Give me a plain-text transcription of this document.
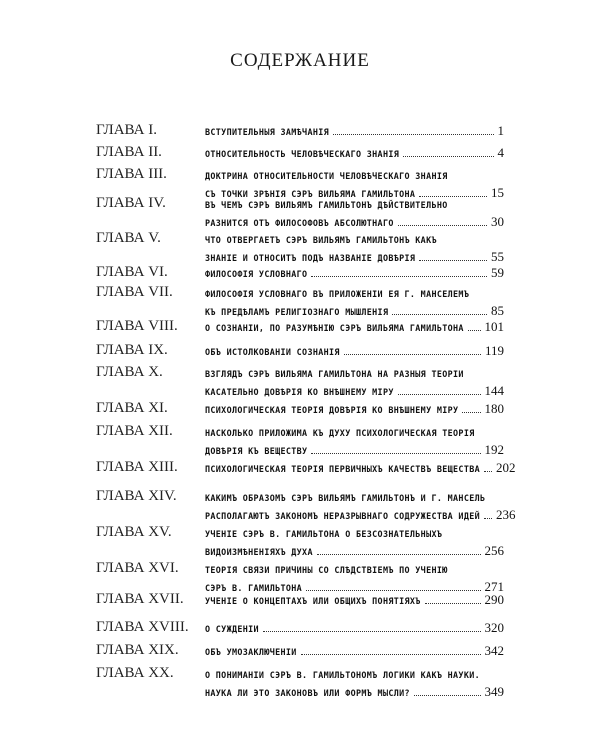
СОДЕРЖАНИЕ
ГЛАВА I.	ВСТУПИТЕЛЬНЫЯ ЗАМѢЧАНІЯ	1
ГЛАВА II.	ОТНОСИТЕЛЬНОСТЬ ЧЕЛОВѢЧЕСКАГО ЗНАНІЯ	4
ГЛАВА III.	ДОКТРИНА ОТНОСИТЕЛЬНОСТИ ЧЕЛОВѢЧЕСКАГО ЗНАНІЯ
СЪ ТОЧКИ ЗРѢНІЯ СЭРЪ ВИЛЬЯМА ГАМИЛЬТОНА	15
ГЛАВА IV.	ВЪ ЧЕМЪ СЭРЪ ВИЛЬЯМЪ ГАМИЛЬТОНЪ ДѢЙСТВИТЕЛЬНО
РАЗНИТСЯ ОТЪ ФИЛОСОФОВЪ АБСОЛЮТНАГО	30
ГЛАВА V.	ЧТО ОТВЕРГАЕТЪ СЭРЪ ВИЛЬЯМЪ ГАМИЛЬТОНЪ КАКЪ
ЗНАНІЕ И ОТНОСИТЪ ПОДЪ НАЗВАНІЕ ДОВѢРІЯ	55
ГЛАВА VI.	ФИЛОСОФІЯ УСЛОВНАГО	59
ГЛАВА VII.	ФИЛОСОФІЯ УСЛОВНАГО ВЪ ПРИЛОЖЕНІИ ЕЯ Г. МАНСЕЛЕМЪ
КЪ ПРЕДѢЛАМЪ РЕЛИГІОЗНАГО МЫШЛЕНІЯ	85
ГЛАВА VIII.	О СОЗНАНІИ, ПО РАЗУМѢНІЮ СЭРЪ ВИЛЬЯМА ГАМИЛЬТОНА 101
ГЛАВА IX.	ОБЪ ИСТОЛКОВАНІИ СОЗНАНІЯ	119
ГЛАВА X.	ВЗГЛЯДЪ СЭРЪ ВИЛЬЯМА ГАМИЛЬТОНА НА РАЗНЫЯ ТЕОРІИ
КАСАТЕЛЬНО ДОВѢРІЯ КО ВНѢШНЕМУ МІРУ	144
ГЛАВА XI.	ПСИХОЛОГИЧЕСКАЯ ТЕОРІЯ ДОВѢРІЯ КО ВНѢШНЕМУ МІРУ 180
ГЛАВА XII.	НАСКОЛЬКО ПРИЛОЖИМА КЪ ДУХУ ПСИХОЛОГИЧЕСКАЯ ТЕОРІЯ
ДОВѢРІЯ КЪ ВЕЩЕСТВУ	192
ГЛАВА XIII.	ПСИХОЛОГИЧЕСКАЯ ТЕОРІЯ ПЕРВИЧНЫХЪ КАЧЕСТВЪ ВЕЩЕСТВА 202
ГЛАВА XIV.	КАКИМЪ ОБРАЗОМЪ СЭРЪ ВИЛЬЯМЪ ГАМИЛЬТОНЪ И Г. МАНСЕЛЬ
РАСПОЛАГАЮТЪ ЗАКОНОМЪ НЕРАЗРЫВНАГО СОДРУЖЕСТВА ИДЕЙ 236
ГЛАВА XV.	УЧЕНІЕ СЭРЪ В. ГАМИЛЬТОНА О БЕЗСОЗНАТЕЛЬНЫХЪ
ВИДОИЗМѢНЕНІЯХЪ ДУХА	256
ГЛАВА XVI.	ТЕОРІЯ СВЯЗИ ПРИЧИНЫ СО СЛѢДСТВІЕМЪ ПО УЧЕНІЮ
СЭРЪ В. ГАМИЛЬТОНА	271
ГЛАВА XVII.	УЧЕНІЕ О КОНЦЕПТАХЪ ИЛИ ОБЩИХЪ ПОНЯТІЯХЪ	290
ГЛАВА XVIII. О СУЖДЕНІИ	320
ГЛАВА XIX.	ОБЪ УМОЗАКЛЮЧЕНІИ	342
ГЛАВА XX.	О ПОНИМАНІИ СЭРЪ В. ГАМИЛЬТОНОМЪ ЛОГИКИ КАКЪ НАУКИ.
НАУКА ЛИ ЭТО ЗАКОНОВЪ ИЛИ ФОРМЪ МЫСЛИ?	349
